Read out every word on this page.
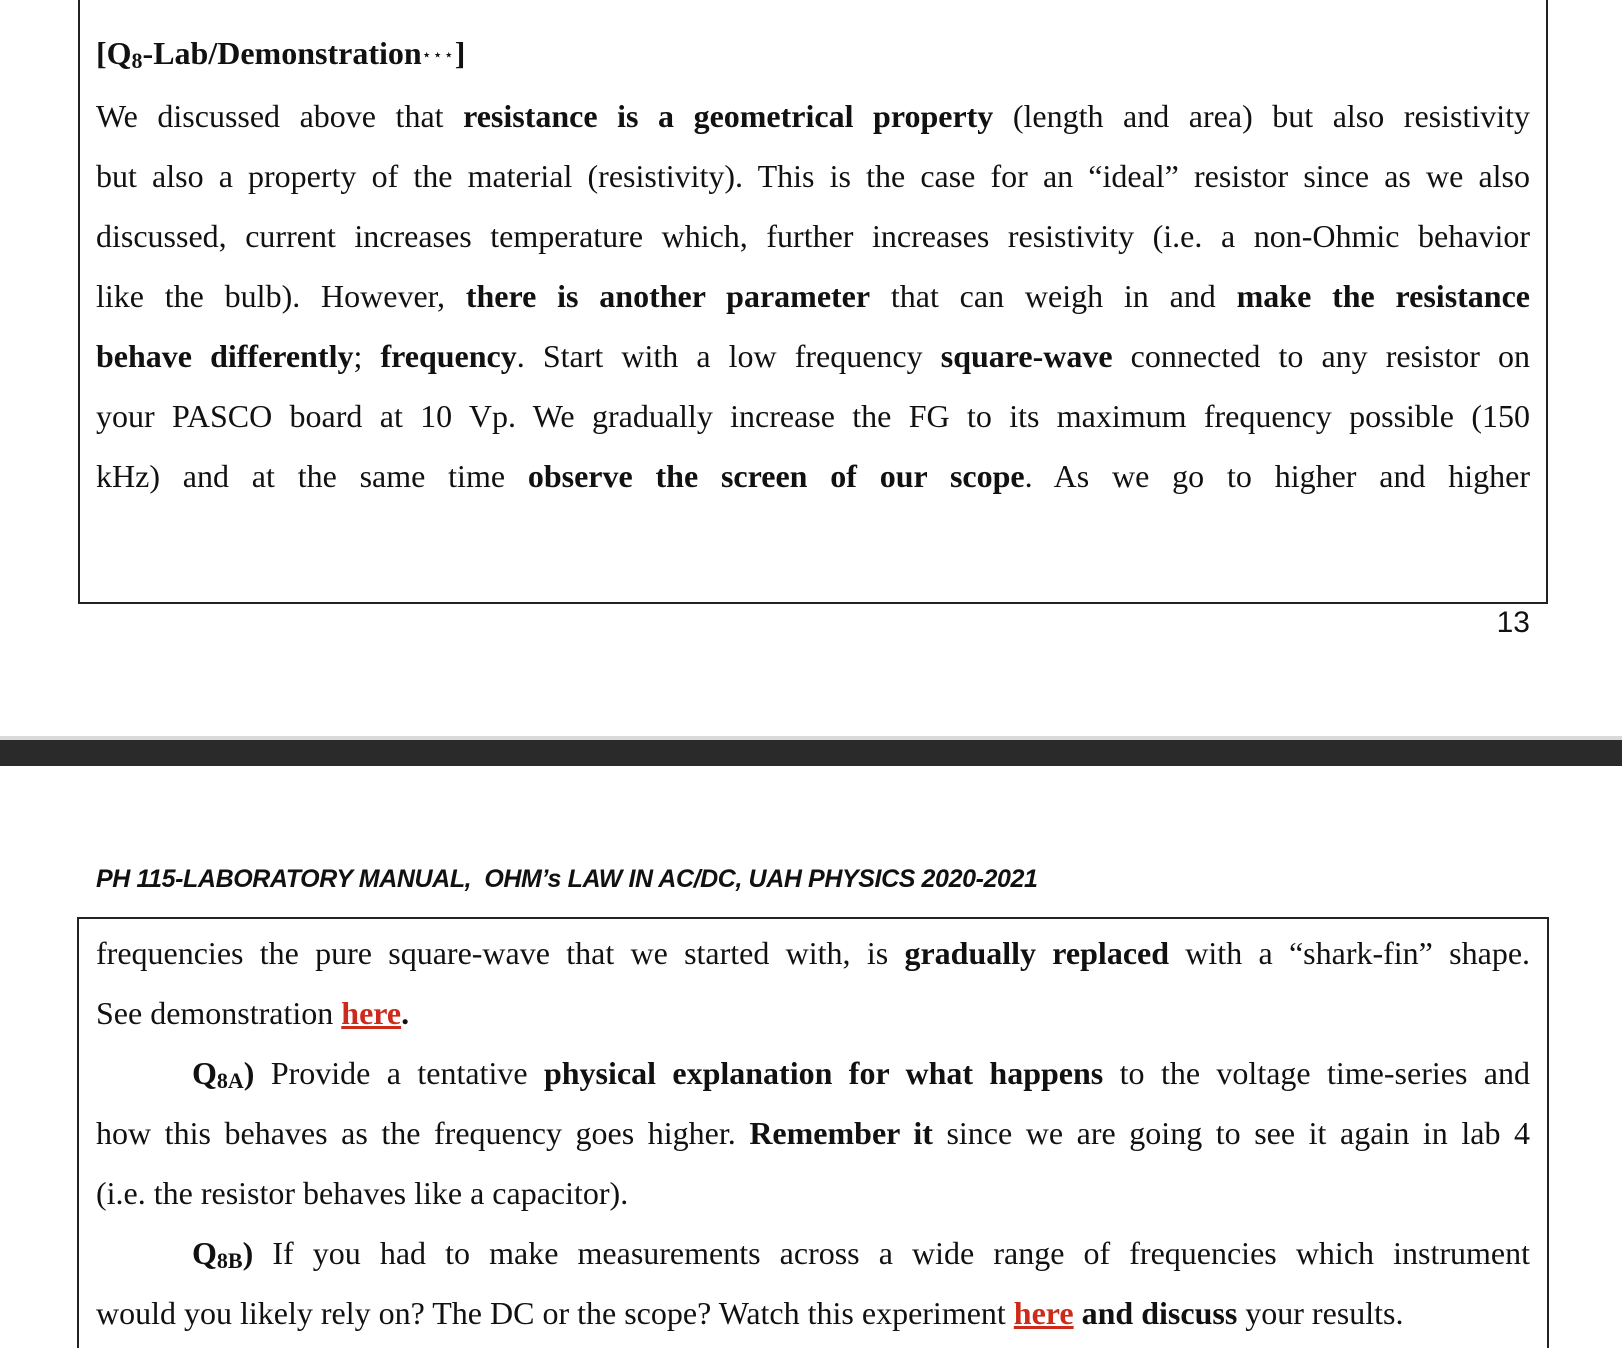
[Q8-Lab/Demonstration⋆⋆⋆]

We discussed above that resistance is a geometrical property (length and area) but also resistivity
but also a property of the material (resistivity). This is the case for an “ideal” resistor since as we also
discussed, current increases temperature which, further increases resistivity (i.e. a non-Ohmic behavior
like the bulb). However, there is another parameter that can weigh in and make the resistance
behave differently; frequency. Start with a low frequency square-wave connected to any resistor on
your PASCO board at 10 Vp. We gradually increase the FG to its maximum frequency possible (150
kHz) and at the same time observe the screen of our scope. As we go to higher and higher
13
PH 115-LABORATORY MANUAL,  OHM’s LAW IN AC/DC, UAH PHYSICS 2020-2021
frequencies the pure square-wave that we started with, is gradually replaced with a “shark-fin” shape.
See demonstration here.
Q8A) Provide a tentative physical explanation for what happens to the voltage time-series and
how this behaves as the frequency goes higher. Remember it since we are going to see it again in lab 4
(i.e. the resistor behaves like a capacitor).
Q8B) If you had to make measurements across a wide range of frequencies which instrument
would you likely rely on? The DC or the scope? Watch this experiment here and discuss your results.
